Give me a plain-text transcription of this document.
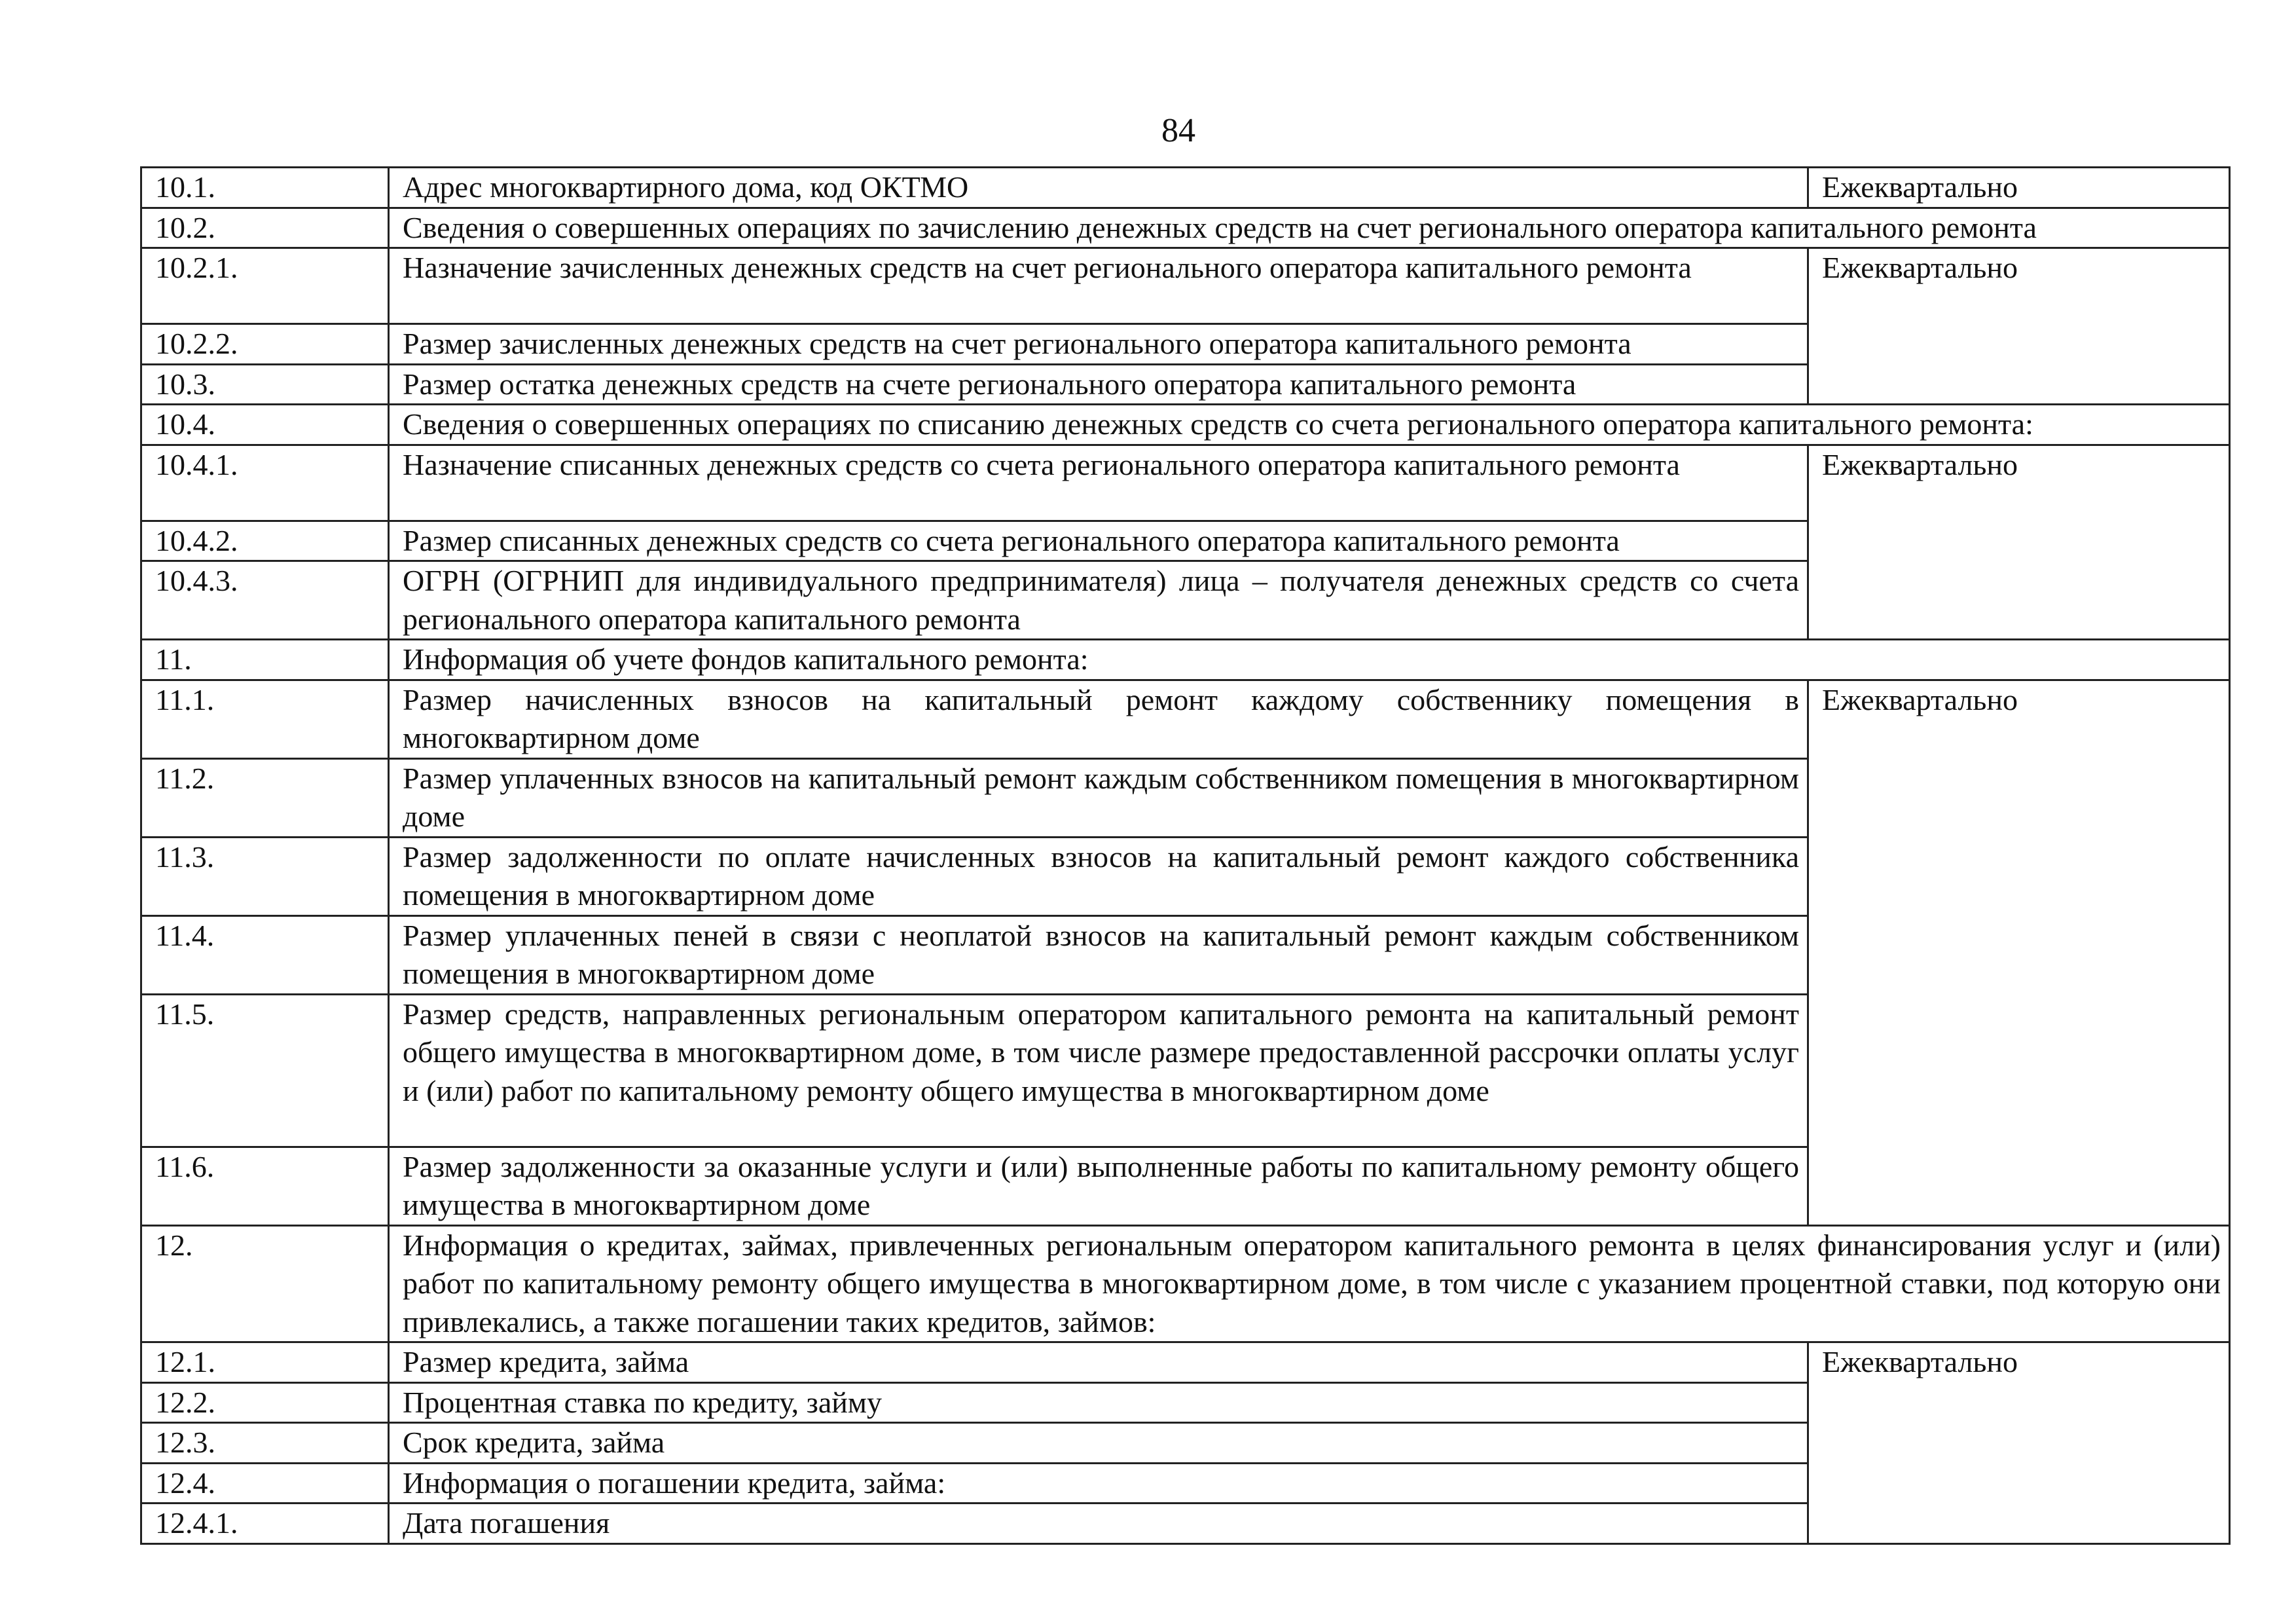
84
10.1.	Адрес многоквартирного дома, код ОКТМО	Ежеквартально
10.2.	Сведения о совершенных операциях по зачислению денежных средств на счет регионального оператора капитального ремонта	
10.2.1.	Назначение зачисленных денежных средств на счет регионального оператора капитального ремонта	Ежеквартально
10.2.2.	Размер зачисленных денежных средств на счет регионального оператора капитального ремонта	
10.3.	Размер остатка денежных средств на счете регионального оператора капитального ремонта	
10.4.	Сведения о совершенных операциях по списанию денежных средств со счета регионального оператора капитального ремонта:	
10.4.1.	Назначение списанных денежных средств со счета регионального оператора капитального ремонта	Ежеквартально
10.4.2.	Размер списанных денежных средств со счета регионального оператора капитального ремонта	
10.4.3.	ОГРН (ОГРНИП для индивидуального предпринимателя) лица – получателя денежных средств со счета регионального оператора капитального ремонта	
11.	Информация об учете фондов капитального ремонта:	
11.1.	Размер начисленных взносов на капитальный ремонт каждому собственнику помещения в многоквартирном доме	Ежеквартально
11.2.	Размер уплаченных взносов на капитальный ремонт каждым собственником помещения в многоквартирном доме	
11.3.	Размер задолженности по оплате начисленных взносов на капитальный ремонт каждого собственника помещения в многоквартирном доме	
11.4.	Размер уплаченных пеней в связи с неоплатой взносов на капитальный ремонт каждым собственником помещения в многоквартирном доме	
11.5.	Размер средств, направленных региональным оператором капитального ремонта на капитальный ремонт общего имущества в многоквартирном доме, в том числе размере предоставленной рассрочки оплаты услуг и (или) работ по капитальному ремонту общего имущества в многоквартирном доме	
11.6.	Размер задолженности за оказанные услуги и (или) выполненные работы по капитальному ремонту общего имущества в многоквартирном доме	
12.	Информация о кредитах, займах, привлеченных региональным оператором капитального ремонта в целях финансирования услуг и (или) работ по капитальному ремонту общего имущества в многоквартирном доме, в том числе с указанием процентной ставки, под которую они привлекались, а также погашении таких кредитов, займов:	
12.1.	Размер кредита, займа	Ежеквартально
12.2.	Процентная ставка по кредиту, займу	
12.3.	Срок кредита, займа	
12.4.	Информация о погашении кредита, займа:	
12.4.1.	Дата погашения	
